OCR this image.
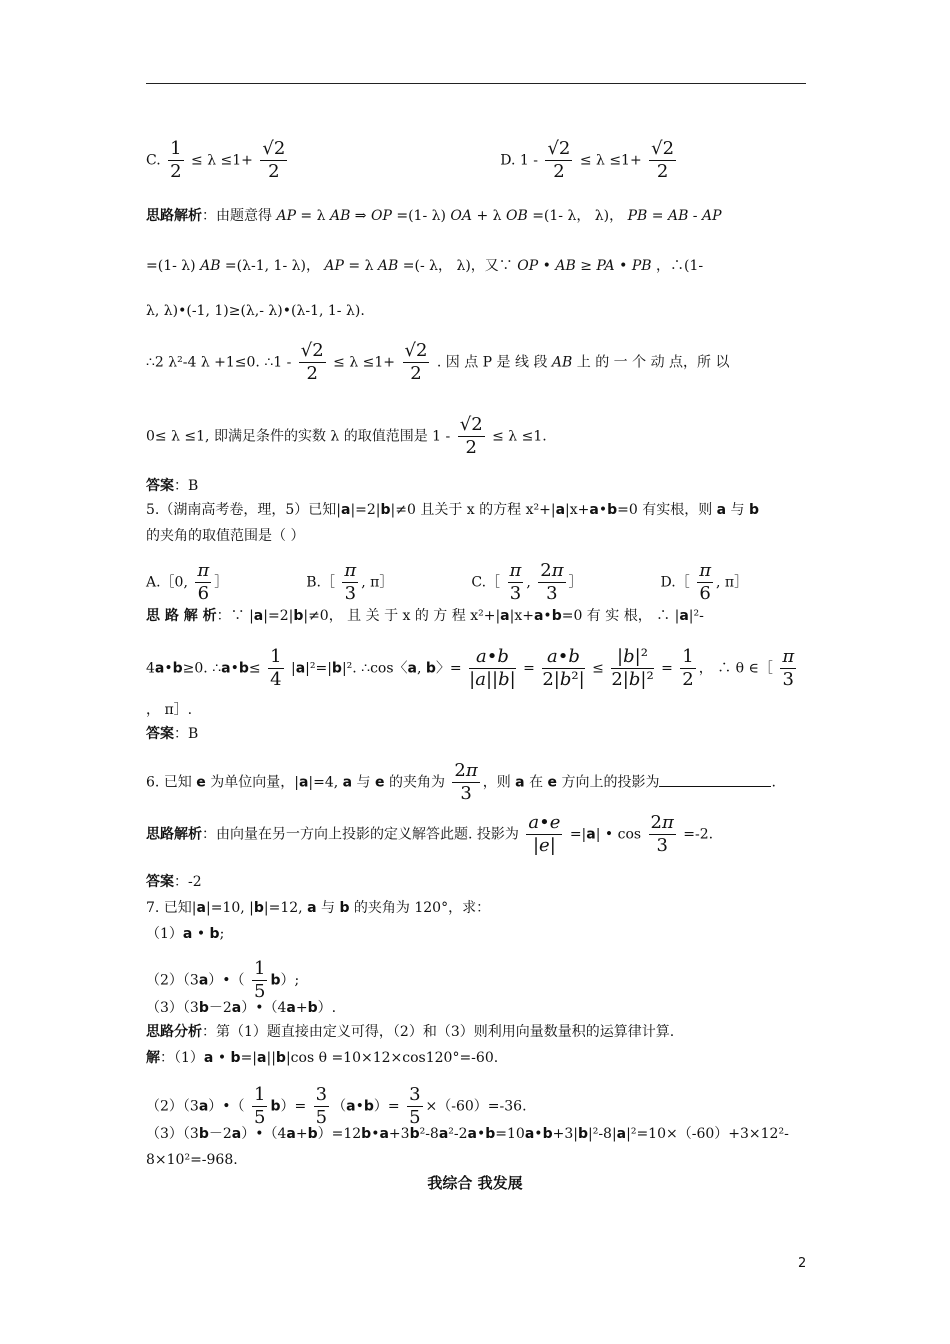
C. $\frac{1}{2} \le \lambda \le 1+ \frac{√2}{2}$	D. $1 - \frac{√2}{2} \le \lambda \le 1+ \frac{√2}{2}$
思路解析：由题意得 AP = λ AB ⇒ OP =(1- λ) OA + λ OB =(1- λ， λ)， PB = AB - AP
=(1- λ) AB =(λ-1, 1- λ)， AP = λ AB =(- λ， λ)，又∵ OP • AB ≥ PA • PB ，∴(1-
λ, λ)•(-1, 1)≥(λ,- λ)•(λ-1, 1- λ).
∴2 λ²-4 λ +1≤0. ∴1 - $\frac{√2}{2} \le \lambda \le 1+ \frac{√2}{2}$ . 因 点 P 是 线 段 AB 上 的 一 个 动 点，所 以
0≤ λ ≤1, 即满足条件的实数 λ 的取值范围是 $1 - \frac{√2}{2} \le \lambda \le 1$.
答案：B
5.（湖南高考卷，理，5）已知|a|=2|b|≠0 且关于 x 的方程 x²+|a|x+a•b=0 有实根，则 a 与 b
的夹角的取值范围是（ ）
A.［0, $\frac{\pi}{6}$ ］	B.［ $\frac{\pi}{3}$ , π］	C.［ $\frac{\pi}{3}$ , $\frac{2\pi}{3}$ ］	D.［ $\frac{\pi}{6}$ , π］
思 路 解 析：∵ |a|=2|b|≠0， 且 关 于 x 的 方 程 x²+|a|x+a•b=0 有 实 根， ∴ |a|²-
4a•b≥0. ∴a•b≤ $\frac{1}{4} |a|^2=|b|^2$. ∴cos〈a, b〉= $\frac{a•b}{|a||b|} = \frac{a•b}{\text{2|b²|}} \le \frac{\text{|b|²}}{\text{2|b|²}} = \frac{1}{2}$ ， ∴ θ ∈［ $\frac{\pi}{3}$
， π］.
答案：B
6. 已知 e 为单位向量，|a|=4, a 与 e 的夹角为 $\frac{2\pi}{3}$ ，则 a 在 e 方向上的投影为	.
思路解析：由向量在另一方向上投影的定义解答此题. 投影为 $\frac{a•e}{|e|} =|a|$ • $\cos \frac{2\pi}{3} =-2$.
答案：-2
7. 已知|a|=10, |b|=12, a 与 b 的夹角为 120°，求：
（1）a • b;
（2）（3a）•（ $\frac{1}{5} b$）;
（3）（3b－2a）•（4a+b）.
思路分析：第（1）题直接由定义可得，（2）和（3）则利用向量数量积的运算律计算.
解：（1）a • b=|a||b|cos θ =10×12×cos120°=-60.
（2）（3a）•（ $\frac{1}{5} b)= \frac{3}{5}$ （a•b）= $\frac{3}{5} \times(-60)=-36$.
（3）（3b－2a）•（4a+b）=12b•a+3b²-8a²-2a•b=10a•b+3|b|²-8|a|²=10×（-60）+3×12²-
8×10²=-968.
我综合 我发展
2
